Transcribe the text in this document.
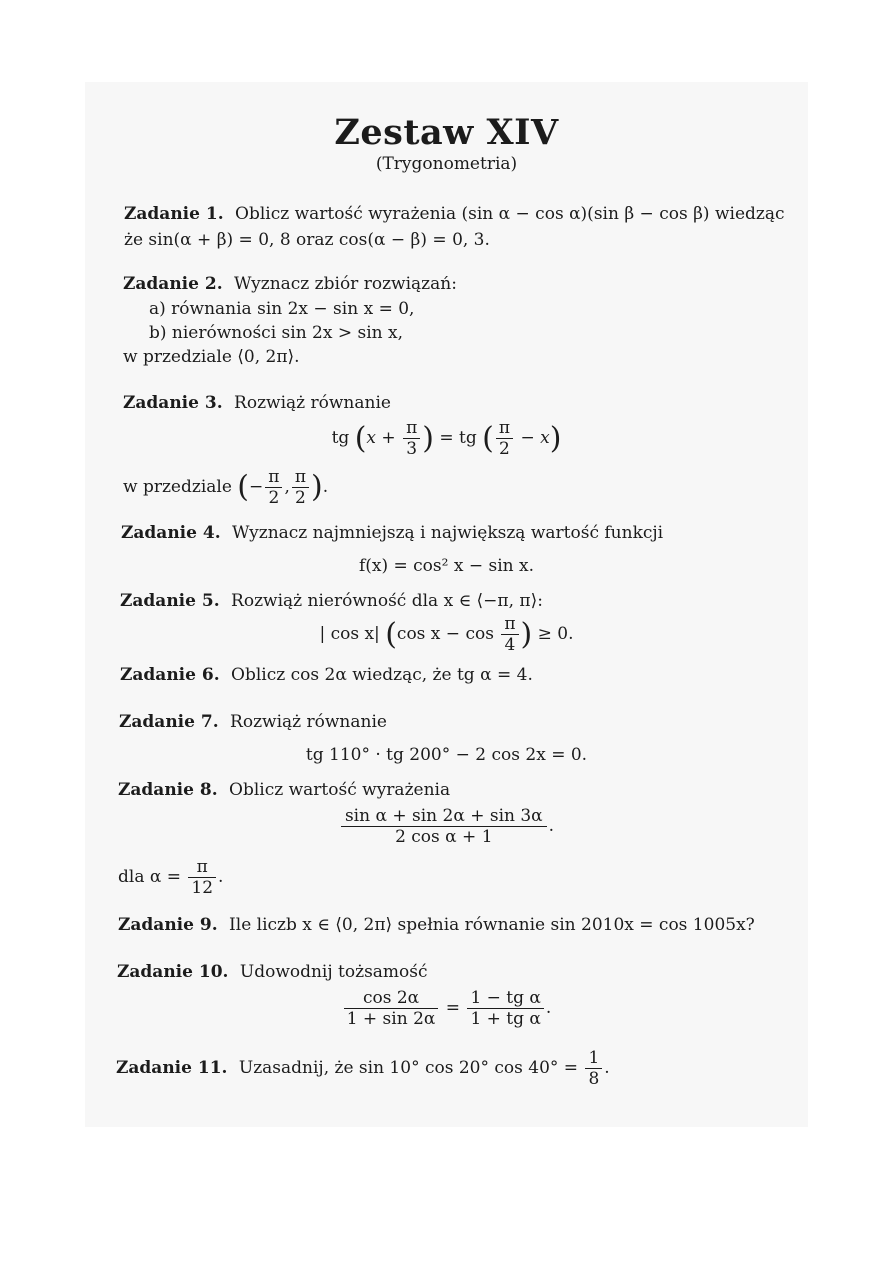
Zestaw XIV
(Trygonometria)
Zadanie 1. Oblicz wartość wyrażenia (sin α − cos α)(sin β − cos β) wiedząc
że sin(α + β) = 0, 8 oraz cos(α − β) = 0, 3.
Zadanie 2. Wyznacz zbiór rozwiązań:
a) równania sin 2x − sin x = 0,
b) nierówności sin 2x > sin x,
w przedziale ⟨0, 2π⟩.
Zadanie 3. Rozwiąż równanie
tg ($x + \frac{\pi}{3}$ ) = tg ( $\frac{\pi}{2} - x$)
w przedziale (− $\frac{\pi}{2}$ , $\frac{\pi}{2}$ ).
Zadanie 4. Wyznacz najmniejszą i największą wartość funkcji
f(x) = cos² x − sin x.
Zadanie 5. Rozwiąż nierówność dla x ∈ ⟨−π, π⟩:
| cos x| (cos $x - \cos \frac{\pi}{4}$ ) ≥ 0.
Zadanie 6. Oblicz cos 2α wiedząc, że tg α = 4.
Zadanie 7. Rozwiąż równanie
tg 110° · tg 200° − 2 cos 2x = 0.
Zadanie 8. Oblicz wartość wyrażenia
$\frac{\text{sin α + sin 2α + sin 3α}}{\text{2 cos α + 1}}$ .
dla $\alpha = \frac{\pi}{12}$ .
Zadanie 9. Ile liczb x ∈ ⟨0, 2π⟩ spełnia równanie sin 2010x = cos 1005x?
Zadanie 10. Udowodnij tożsamość
$\frac{\cos 2\alpha}{1 + \sin 2\alpha} = \frac{\text{1 − tg α}}{\text{1 + tg α}}$ .
Zadanie 11. Uzasadnij, że sin 10° cos 20° $\cos 40^\circ = \frac{1}{8}$ .
